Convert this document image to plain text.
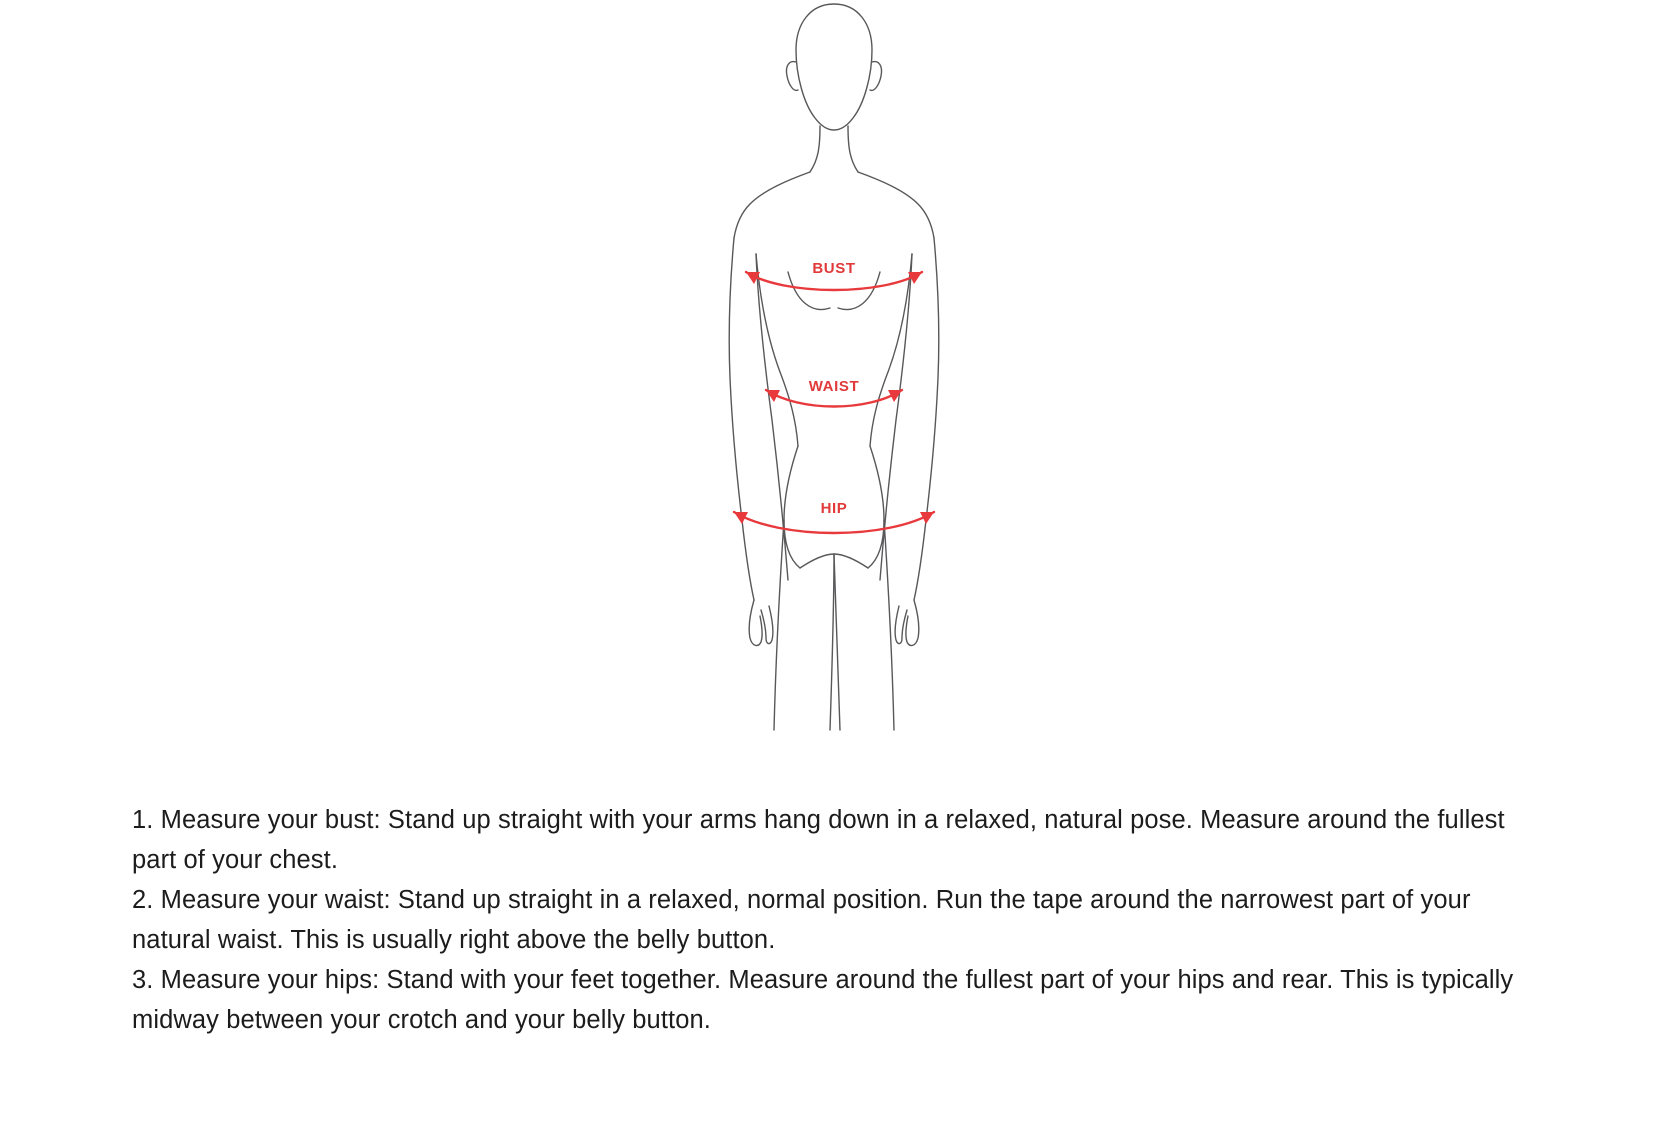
BUST
WAIST
HIP

1. Measure your bust: Stand up straight with your arms hang down in a relaxed, natural pose. Measure around the fullest part of your chest.

2. Measure your waist: Stand up straight in a relaxed, normal position. Run the tape around the narrowest part of your natural waist. This is usually right above the belly button.

3. Measure your hips: Stand with your feet together. Measure around the fullest part of your hips and rear. This is typically midway between your crotch and your belly button.
